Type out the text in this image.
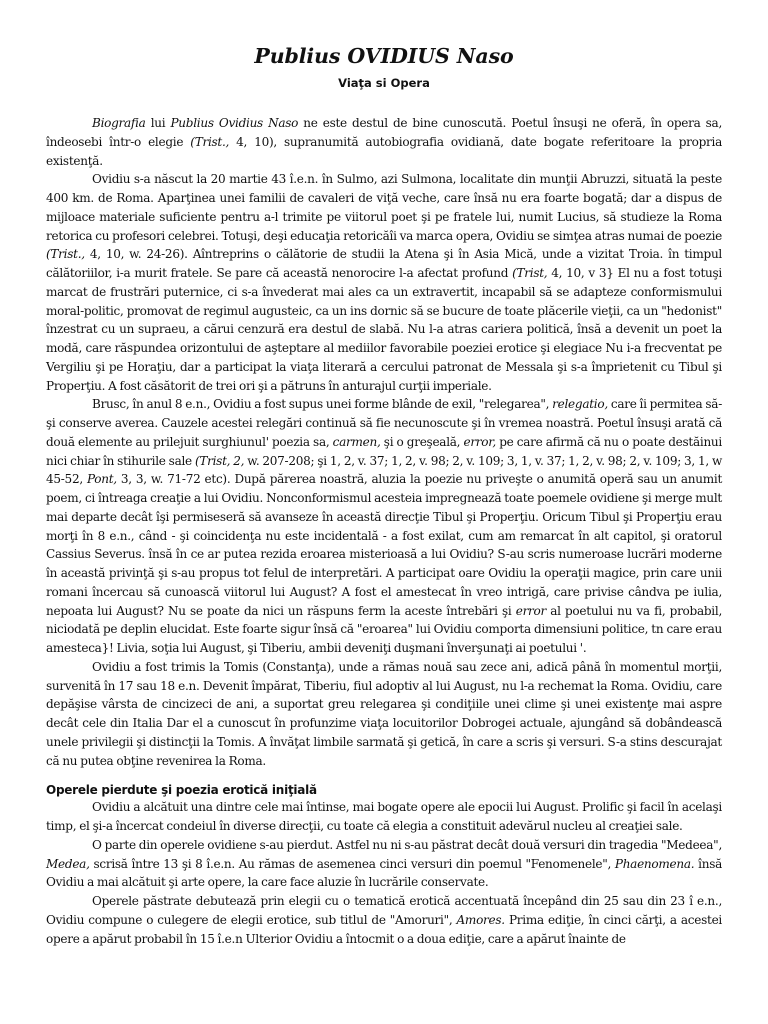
Publius OVIDIUS Naso
Viaţa si Opera

Biografia lui Publius Ovidius Naso ne este destul de bine cunoscută. Poetul însuşi ne oferă, în opera sa, îndeosebi într-o elegie (Trist., 4, 10), supranumită autobiografia ovidiană, date bogate referitoare la propria existenţă.

Ovidiu s-a născut la 20 martie 43 î.e.n. în Sulmo, azi Sulmona, localitate din munţii Abruzzi, situată la peste 400 km. de Roma. Aparţinea unei familii de cavaleri de viţă veche, care însă nu era foarte bogată; dar a dispus de mijloace materiale suficiente pentru a-l trimite pe viitorul poet şi pe fratele lui, numit Lucius, să studieze la Roma retorica cu profesori celebrei. Totuşi, deşi educaţia retoricăîi va marca opera, Ovidiu se simţea atras numai de poezie (Trist., 4, 10, w. 24-26). Aîntreprins o călătorie de studii la Atena şi în Asia Mică, unde a vizitat Troia. în timpul călătoriilor, i-a murit fratele. Se pare că această nenorocire l-a afectat profund (Trist, 4, 10, v 3} El nu a fost totuşi marcat de frustrări puternice, ci s-a învederat mai ales ca un extravertit, incapabil să se adapteze conformismului moral-politic, promovat de regimul augusteic, ca un ins dornic să se bucure de toate plăcerile vieţii, ca un "hedonist" înzestrat cu un supraeu, a cărui cenzură era destul de slabă. Nu l-a atras cariera politică, însă a devenit un poet la modă, care răspundea orizontului de aşteptare al mediilor favorabile poeziei erotice şi elegiace Nu i-a frecventat pe Vergiliu şi pe Horaţiu, dar a participat la viaţa literară a cercului patronat de Messala şi s-a împrietenit cu Tibul şi Properţiu. A fost căsătorit de trei ori şi a pătruns în anturajul curţii imperiale.

Brusc, în anul 8 e.n., Ovidiu a fost supus unei forme blânde de exil, "relegarea", relegatio, care îi permitea să-şi conserve averea. Cauzele acestei relegări continuă să fie necunoscute şi în vremea noastră. Poetul însuşi arată că două elemente au prilejuit surghiunul' poezia sa, carmen, şi o greşeală, error, pe care afirmă că nu o poate destăinui nici chiar în stihurile sale (Trist, 2, w. 207-208; şi 1, 2, v. 37; 1, 2, v. 98; 2, v. 109; 3, 1, v. 37; 1, 2, v. 98; 2, v. 109; 3, 1, w 45-52, Pont, 3, 3, w. 71-72 etc). După părerea noastră, aluzia la poezie nu priveşte o anumită operă sau un anumit poem, ci întreaga creaţie a lui Ovidiu. Nonconformismul acesteia impregnează toate poemele ovidiene şi merge mult mai departe decât îşi permiseseră să avanseze în această direcţie Tibul şi Properţiu. Oricum Tibul şi Properţiu erau morţi în 8 e.n., când - şi coincidenţa nu este incidentală - a fost exilat, cum am remarcat în alt capitol, şi oratorul Cassius Severus. însă în ce ar putea rezida eroarea misterioasă a lui Ovidiu? S-au scris numeroase lucrări moderne în această privinţă şi s-au propus tot felul de interpretări. A participat oare Ovidiu la operaţii magice, prin care unii romani încercau să cunoască viitorul lui August? A fost el amestecat în vreo intrigă, care privise cândva pe iulia, nepoata lui August? Nu se poate da nici un răspuns ferm la aceste întrebări şi error al poetului nu va fi, probabil, niciodată pe deplin elucidat. Este foarte sigur însă că "eroarea" lui Ovidiu comporta dimensiuni politice, tn care erau amesteca}! Livia, soţia lui August, şi Tiberiu, ambii deveniţi duşmani înverşunaţi ai poetului '.

Ovidiu a fost trimis la Tomis (Constanţa), unde a rămas nouă sau zece ani, adică până în momentul morţii, survenită în 17 sau 18 e.n. Devenit împărat, Tiberiu, fiul adoptiv al lui August, nu l-a rechemat la Roma. Ovidiu, care depăşise vârsta de cincizeci de ani, a suportat greu relegarea şi condiţiile unei clime şi unei existenţe mai aspre decât cele din Italia Dar el a cunoscut în profunzime viaţa locuitorilor Dobrogei actuale, ajungând să dobândească unele privilegii şi distincţii la Tomis. A învăţat limbile sarmată şi getică, în care a scris şi versuri. S-a stins descurajat că nu putea obţine revenirea la Roma.

Operele pierdute şi poezia erotică iniţială

Ovidiu a alcătuit una dintre cele mai întinse, mai bogate opere ale epocii lui August. Prolific şi facil în acelaşi timp, el şi-a încercat condeiul în diverse direcţii, cu toate că elegia a constituit adevărul nucleu al creaţiei sale.

O parte din operele ovidiene s-au pierdut. Astfel nu ni s-au păstrat decât două versuri din tragedia "Medeea", Medea, scrisă între 13 şi 8 î.e.n. Au rămas de asemenea cinci versuri din poemul "Fenomenele", Phaenomena. însă Ovidiu a mai alcătuit şi arte opere, la care face aluzie în lucrările conservate.

Operele păstrate debutează prin elegii cu o tematică erotică accentuată începând din 25 sau din 23 î e.n., Ovidiu compune o culegere de elegii erotice, sub titlul de "Amoruri", Amores. Prima ediţie, în cinci cărţi, a acestei opere a apărut probabil în 15 î.e.n Ulterior Ovidiu a întocmit o a doua ediţie, care a apărut înainte de
